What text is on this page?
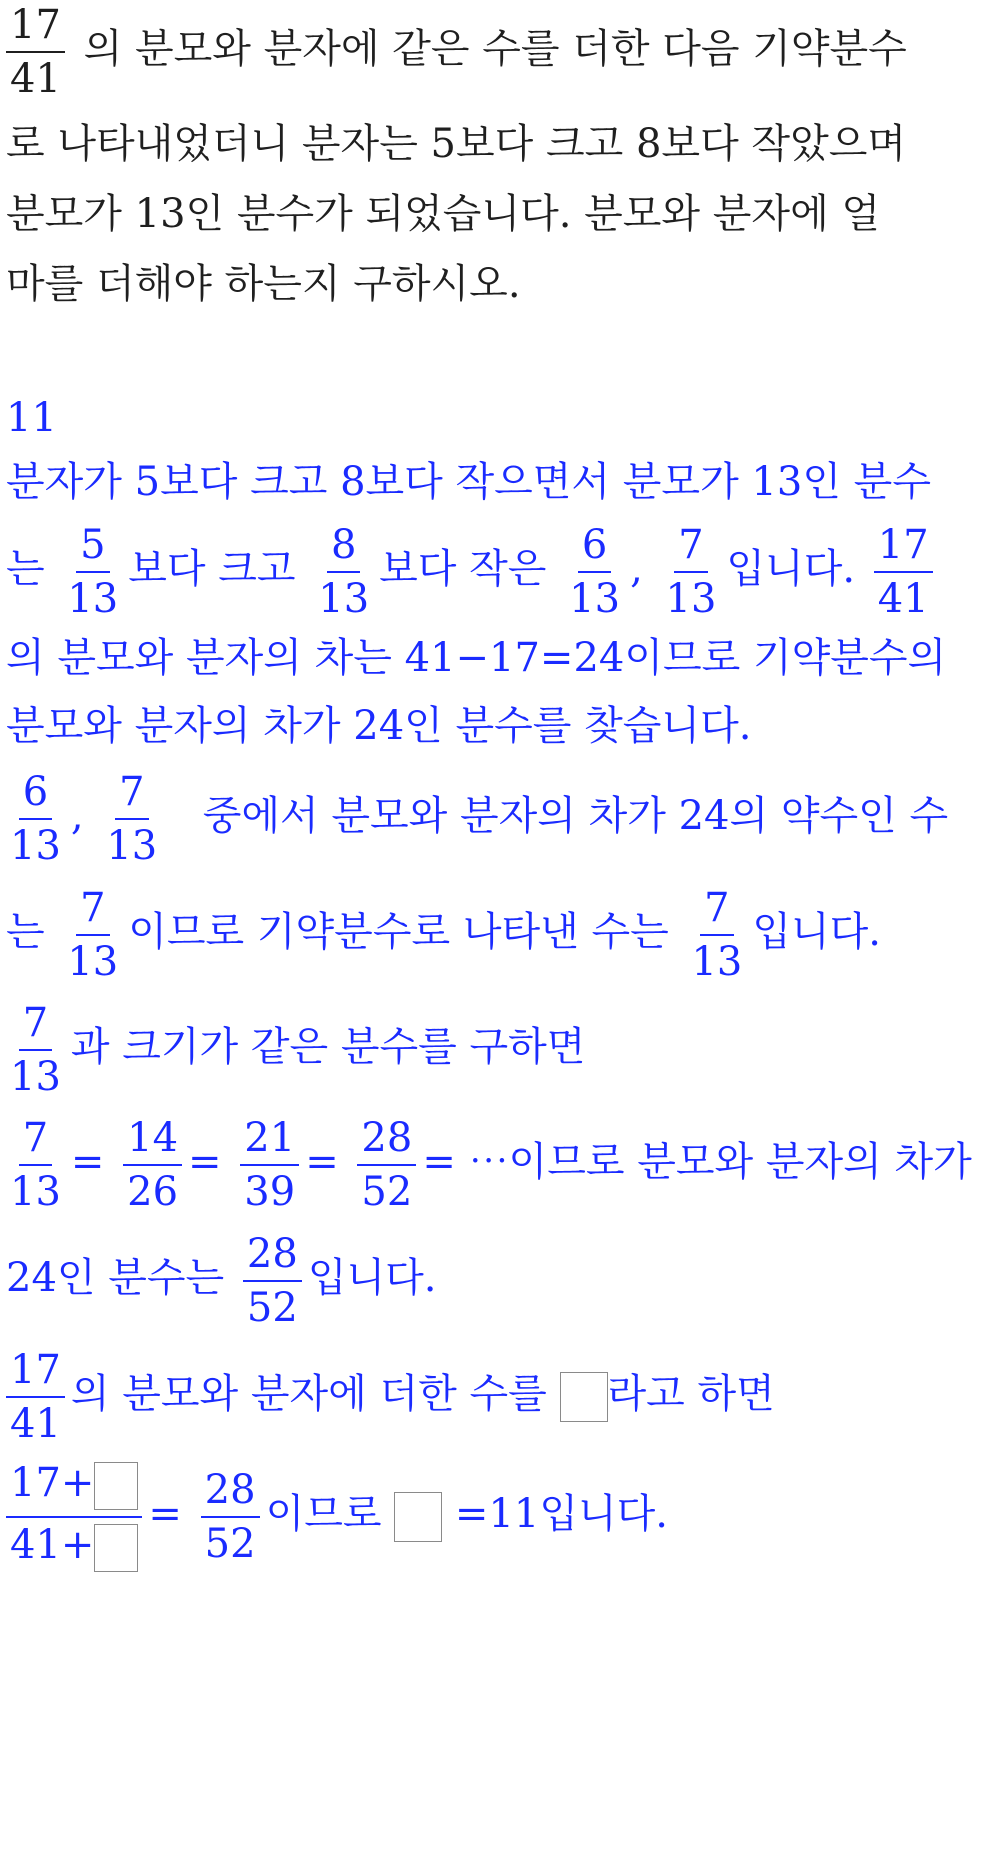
$\frac{17}{41}$ 의 분모와 분자에 같은 수를 더한 다음 기약분수
로 나타내었더니 분자는 5보다 크고 8보다 작았으며
분모가 13인 분수가 되었습니다. 분모와 분자에 얼
마를 더해야 하는지 구하시오.
11
분자가 5보다 크고 8보다 작으면서 분모가 13인 분수
는 $\frac{5}{13}$ 보다 크고 $\frac{8}{13}$ 보다 작은 $\frac{6}{13}$ , $\frac{7}{13}$ 입니다. $\frac{17}{41}$
의 분모와 분자의 차는 41−17=24이므로 기약분수의
분모와 분자의 차가 24인 분수를 찾습니다.
$\frac{6}{13}$ , $\frac{7}{13}$ 중에서 분모와 분자의 차가 24의 약수인 수
는 $\frac{7}{13}$ 이므로 기약분수로 나타낸 수는 $\frac{7}{13}$ 입니다.
$\frac{7}{13}$ 과 크기가 같은 분수를 구하면
$\frac{7}{13} = \frac{14}{26} = \frac{21}{39} = \frac{28}{52}$ = ⋯이므로 분모와 분자의 차가
24인 분수는 $\frac{28}{52}$ 입니다.
$\frac{17}{41}$ 의 분모와 분자에 더한 수를 라고 하면
$\frac{17+}{41+} = \frac{28}{52}$ 이므로 =11입니다.
